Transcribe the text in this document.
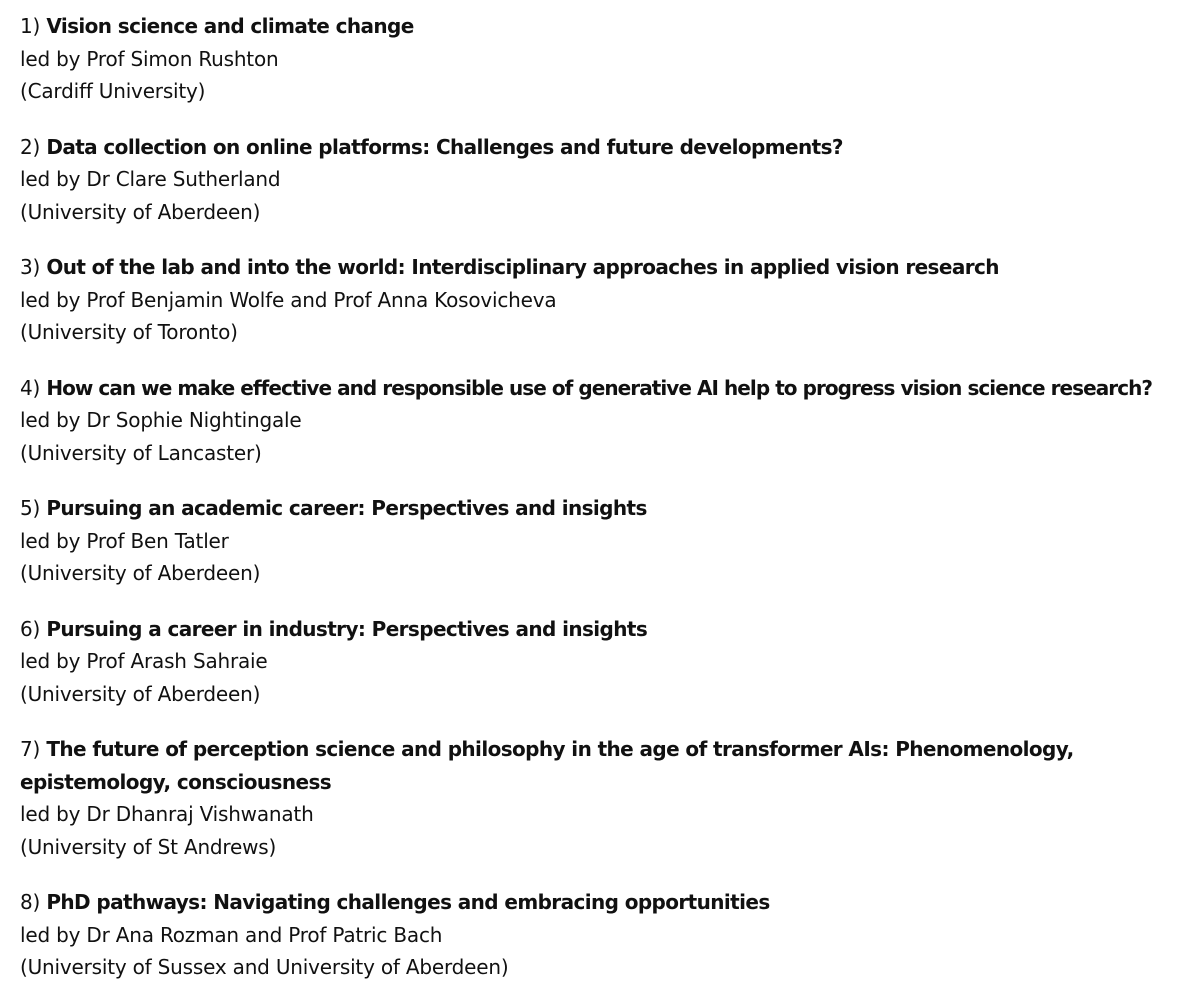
1) Vision science and climate change
led by Prof Simon Rushton
(Cardiff University)
2) Data collection on online platforms: Challenges and future developments?
led by Dr Clare Sutherland
(University of Aberdeen)
3) Out of the lab and into the world: Interdisciplinary approaches in applied vision research
led by Prof Benjamin Wolfe and Prof Anna Kosovicheva
(University of Toronto)
4) How can we make effective and responsible use of generative AI help to progress vision science research?
led by Dr Sophie Nightingale
(University of Lancaster)
5) Pursuing an academic career: Perspectives and insights
led by Prof Ben Tatler
(University of Aberdeen)
6) Pursuing a career in industry: Perspectives and insights
led by Prof Arash Sahraie
(University of Aberdeen)
7) The future of perception science and philosophy in the age of transformer AIs: Phenomenology, epistemology, consciousness
led by Dr Dhanraj Vishwanath
(University of St Andrews)
8) PhD pathways: Navigating challenges and embracing opportunities
led by Dr Ana Rozman and Prof Patric Bach
(University of Sussex and University of Aberdeen)
